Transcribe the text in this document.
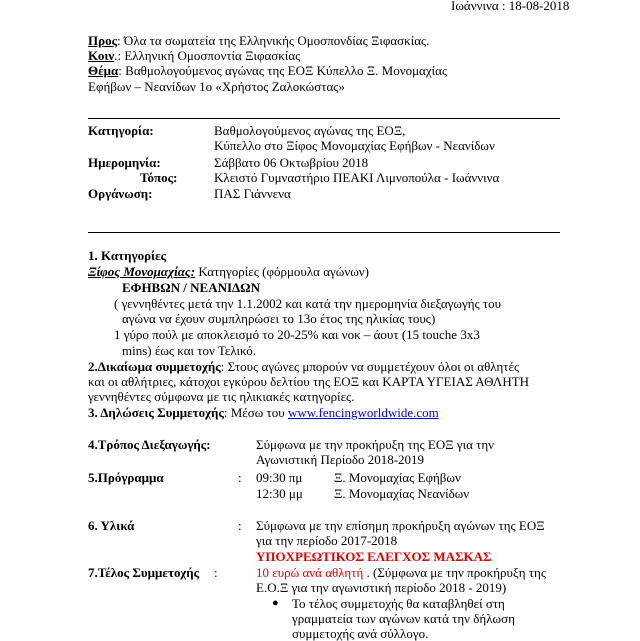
Ιωάννινα : 18-08-2018
Προς: Όλα τα σωματεία της Ελληνικής Ομοσπονδίας Ξιφασκίας.
Κοιν.: Ελληνική Ομοσποντία Ξιφασκίας
Θέμα: Βαθμολογούμενος αγώνας της ΕΟΞ Κύπελλο Ξ. Μονομαχίας
Εφήβων – Νεανίδων 1ο «Χρήστος Ζαλοκώστας»
Κατηγορία:	Βαθμολογούμενος αγώνας της ΕΟΞ,
Κύπελλο στο Ξίφος Μονομαχίας Εφήβων - Νεανίδων
Ημερομηνία:	Σάββατο 06 Οκτωβρίου 2018
Τόπος:	Κλειστό Γυμναστήριο ΠΕΑΚΙ Λιμνοπούλα - Ιωάννινα
Οργάνωση:	ΠΑΣ Γιάννενα
1. Κατηγορίες
Ξίφος Μονομαχίας: Κατηγορίες (φόρμουλα αγώνων)
ΕΦΗΒΩΝ / ΝΕΑΝΙΔΩΝ
( γεννηθέντες μετά την 1.1.2002 και κατά την ημερομηνία διεξαγωγής του
αγώνα να έχουν συμπληρώσει το 13ο έτος της ηλικίας τους)
1 γύρο πούλ με αποκλεισμό το 20-25% και νοκ – άουτ (15 touche 3x3
mins) έως και τον Τελικό.
2.Δικαίωμα συμμετοχής: Στους αγώνες μπορούν να συμμετέχουν όλοι οι αθλητές
και οι αθλήτριες, κάτοχοι εγκύρου δελτίου της ΕΟΞ και ΚΑΡΤΑ ΥΓΕΙΑΣ ΑΘΛΗΤΗ
γεννηθέντες σύμφωνα με τις ηλικιακές κατηγορίες.
3. Δηλώσεις Συμμετοχής: Μέσω του www.fencingworldwide.com
4.Τρόπος Διεξαγωγής:	Σύμφωνα με την προκήρυξη της ΕΟΞ για την
Αγωνιστική Περίοδο 2018-2019
5.Πρόγραμμα	: 09:30 πμ Ξ. Μονομαχίας Εφήβων
12:30 μμ Ξ. Μονομαχίας Νεανίδων
6. Υλικά	: Σύμφωνα με την επίσημη προκήρυξη αγώνων της ΕΟΞ
για την περίοδο 2017-2018
ΥΠΟΧΡΕΩΤΙΚΟΣ ΕΛΕΓΧΟΣ ΜΑΣΚΑΣ
7.Τέλος Συμμετοχής :	10 ευρώ ανά αθλητή . (Σύμφωνα με την προκήρυξη της
Ε.Ο.Ξ για την αγωνιστική περίοδο 2018 - 2019)
● Το τέλος συμμετοχής θα καταβληθεί στη
γραμματεία των αγώνων κατά την δήλωση
συμμετοχής ανά σύλλογο.
